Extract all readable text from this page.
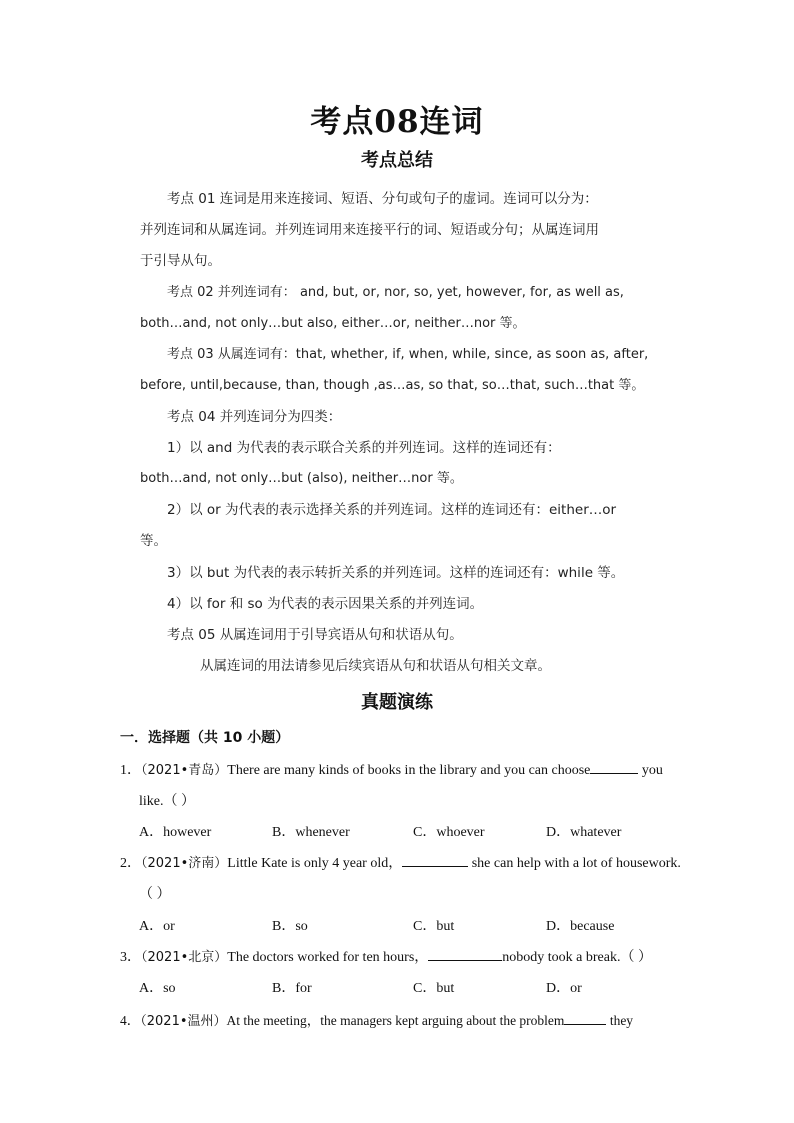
考点08连词
考点总结
考点 01 连词是用来连接词、短语、分句或句子的虚词。连词可以分为：
并列连词和从属连词。并列连词用来连接平行的词、短语或分句；从属连词用
于引导从句。
考点 02 并列连词有： and, but, or, nor, so, yet, however, for, as well as,
both…and, not only…but also, either…or, neither…nor 等。
考点 03 从属连词有：that, whether, if, when, while, since, as soon as, after,
before, until,because, than, though ,as…as, so that, so…that, such…that 等。
考点 04 并列连词分为四类：
1）以 and 为代表的表示联合关系的并列连词。这样的连词还有：
both…and, not only…but (also), neither…nor 等。
2）以 or 为代表的表示选择关系的并列连词。这样的连词还有：either…or
等。
3）以 but 为代表的表示转折关系的并列连词。这样的连词还有：while 等。
4）以 for 和 so 为代表的表示因果关系的并列连词。
考点 05 从属连词用于引导宾语从句和状语从句。
从属连词的用法请参见后续宾语从句和状语从句相关文章。
真题演练
一．选择题（共 10 小题）
1．（2021•青岛）There are many kinds of books in the library and you can choose	you
like.（ ）
A．however	B．whenever	C．whoever	D．whatever
2．（2021•济南）Little Kate is only 4 year old，	she can help with a lot of housework.
（ ）
A．or	B．so	C．but	D．because
3．（2021•北京）The doctors worked for ten hours，	nobody took a break.（ ）
A．so	B．for	C．but	D．or
4．（2021•温州）At the meeting，the managers kept arguing about the problem	they
